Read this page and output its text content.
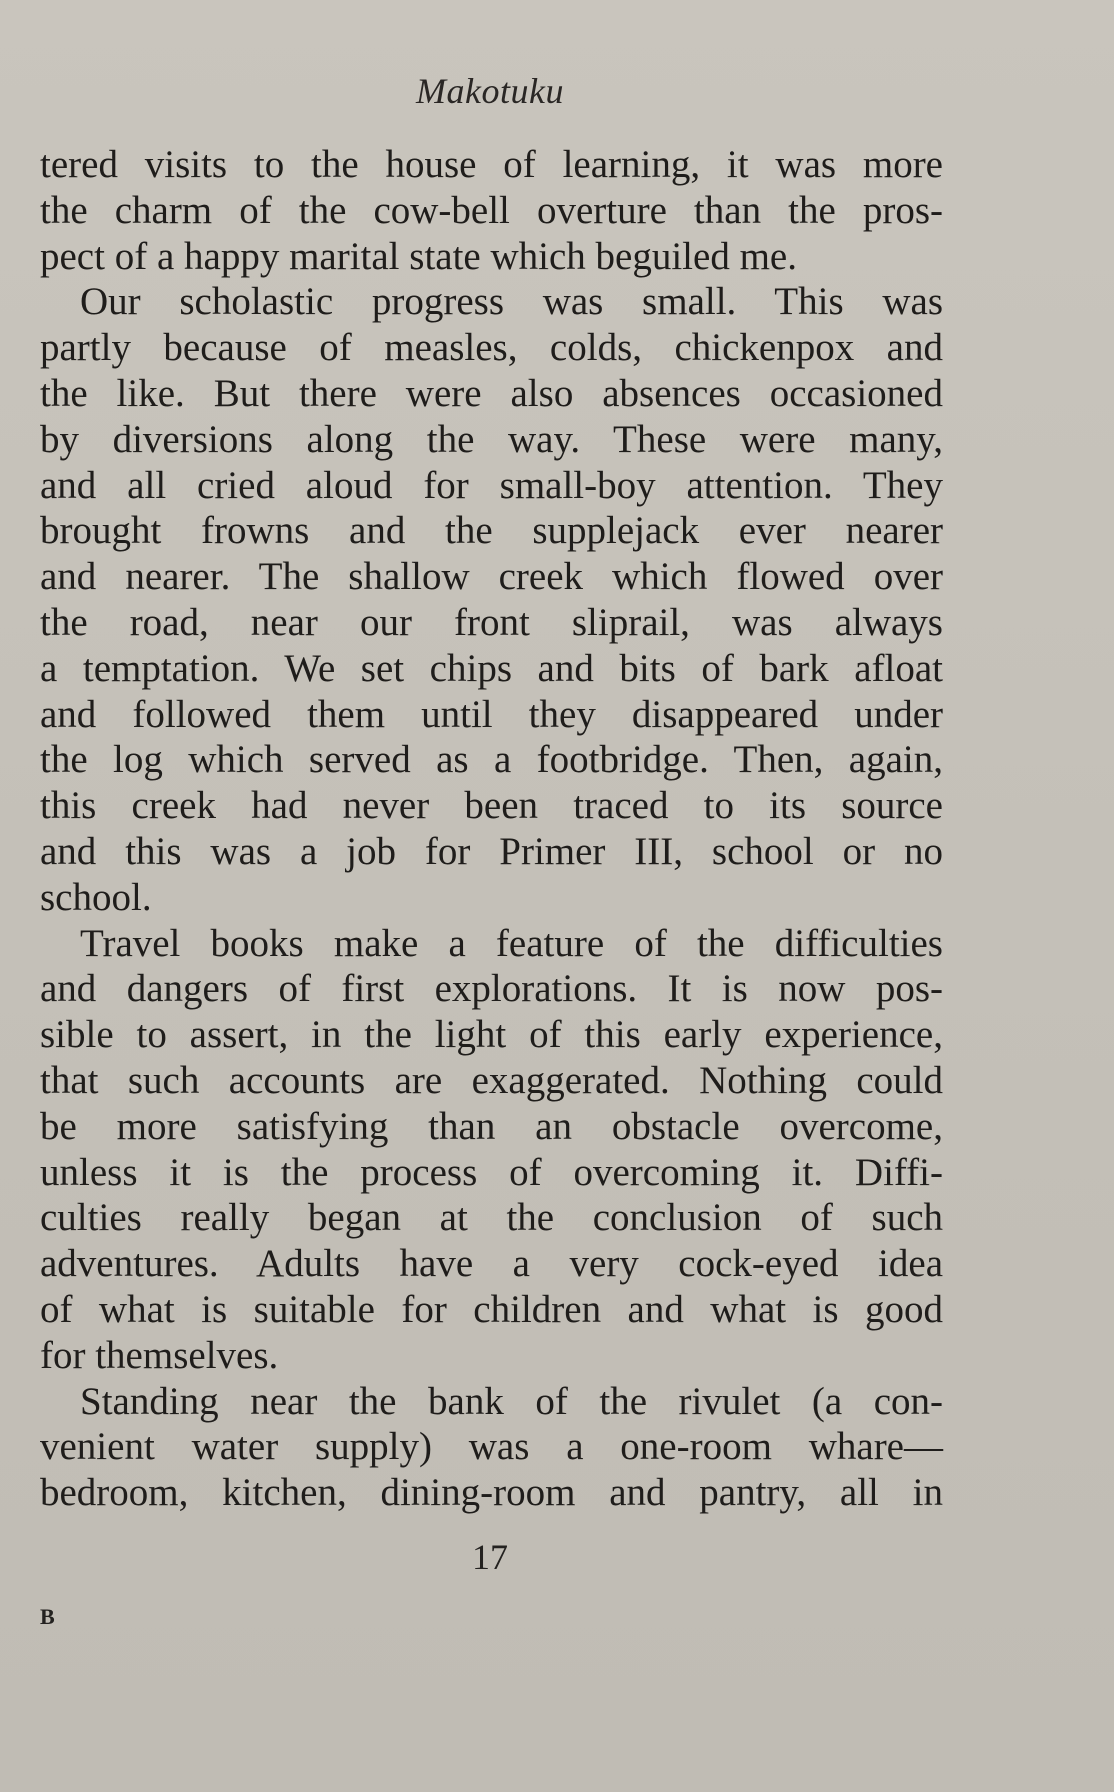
Makotuku
tered visits to the house of learning, it was more
the charm of the cow-bell overture than the pros-
pect of a happy marital state which beguiled me.
Our scholastic progress was small. This was
partly because of measles, colds, chickenpox and
the like. But there were also absences occasioned
by diversions along the way. These were many,
and all cried aloud for small-boy attention. They
brought frowns and the supplejack ever nearer
and nearer. The shallow creek which flowed over
the road, near our front sliprail, was always
a temptation. We set chips and bits of bark afloat
and followed them until they disappeared under
the log which served as a footbridge. Then, again,
this creek had never been traced to its source
and this was a job for Primer III, school or no
school.
Travel books make a feature of the difficulties
and dangers of first explorations. It is now pos-
sible to assert, in the light of this early experience,
that such accounts are exaggerated. Nothing could
be more satisfying than an obstacle overcome,
unless it is the process of overcoming it. Diffi-
culties really began at the conclusion of such
adventures. Adults have a very cock-eyed idea
of what is suitable for children and what is good
for themselves.
Standing near the bank of the rivulet (a con-
venient water supply) was a one-room whare—
bedroom, kitchen, dining-room and pantry, all in
17
B
